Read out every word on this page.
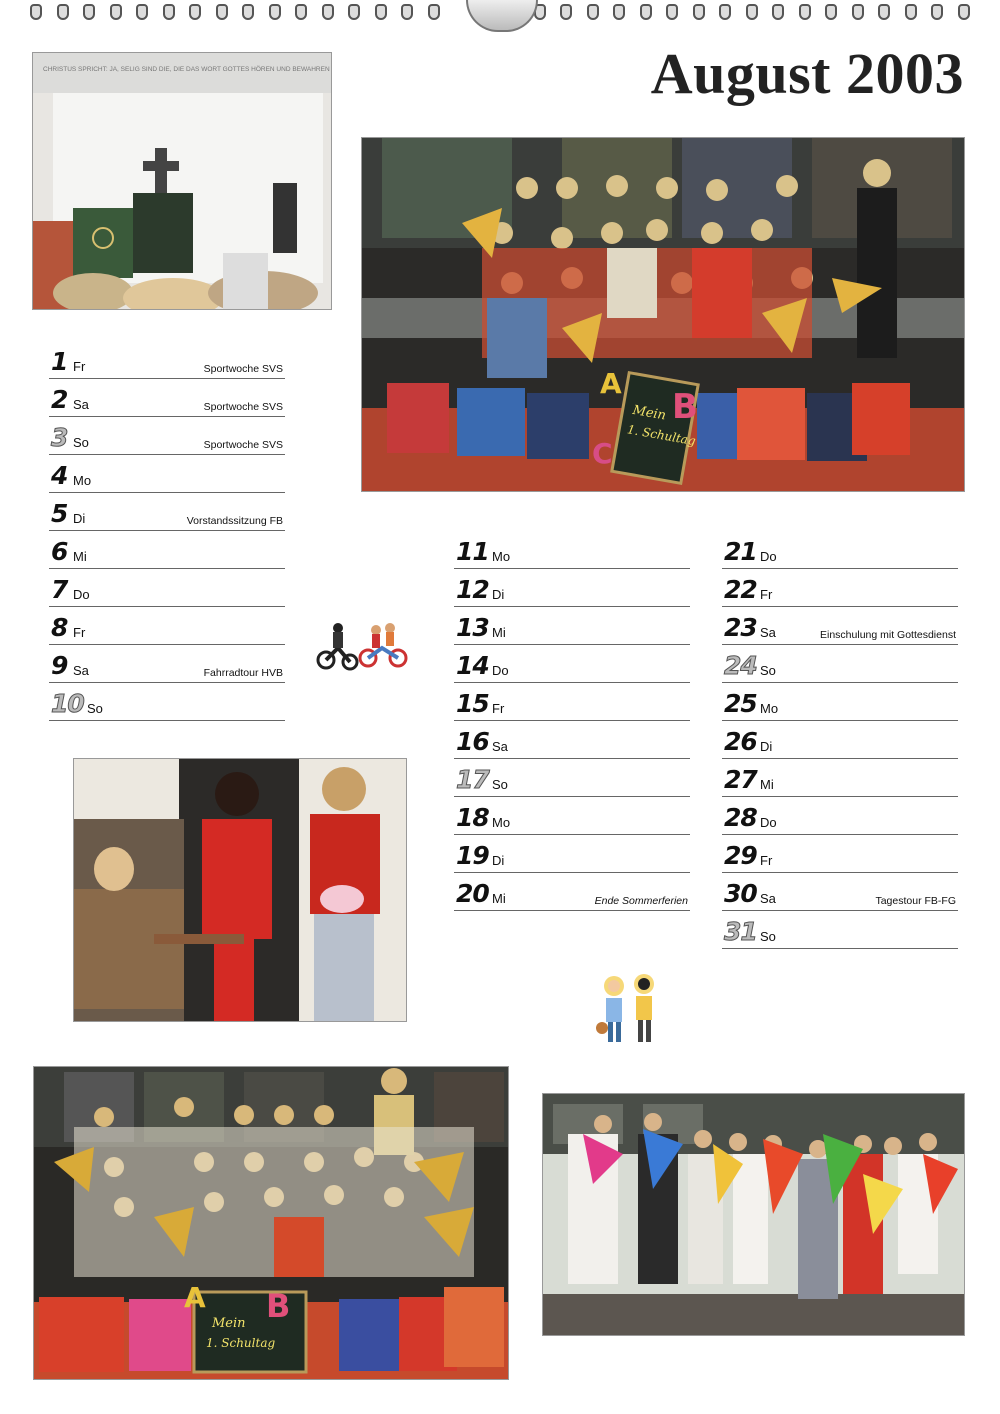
August 2003
CHRISTUS SPRICHT: JA, SELIG SIND DIE, DIE DAS WORT GOTTES HÖREN UND BEWAHREN
Mein
1. Schultag
A
B
C
1 Fr	Sportwoche SVS
2 Sa	Sportwoche SVS
3 So	Sportwoche SVS
4 Mo
5 Di	Vorstandssitzung FB
6 Mi
7 Do
8 Fr
9 Sa	Fahrradtour HVB
10 So
11 Mo
12 Di
13 Mi
14 Do
15 Fr
16 Sa
17 So
18 Mo
19 Di
20 Mi	Ende Sommerferien
21 Do
22 Fr
23 Sa	Einschulung mit Gottesdienst
24 So
25 Mo
26 Di
27 Mi
28 Do
29 Fr
30 Sa	Tagestour FB-FG
31 So
Mein
1. Schultag
A B
